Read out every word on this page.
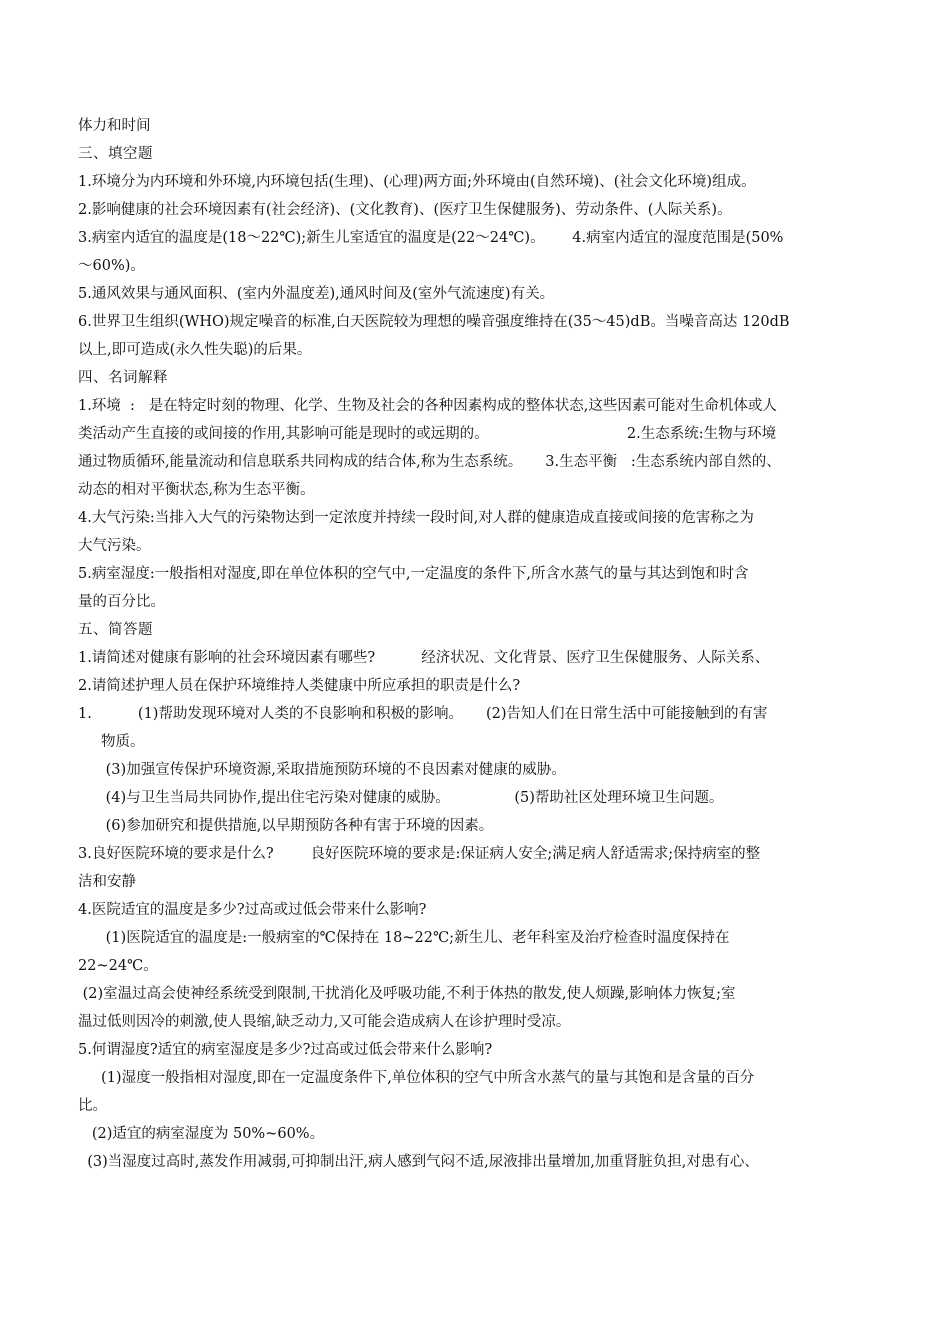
体力和时间
三、填空题
1.环境分为内环境和外环境,内环境包括(生理)、(心理)两方面;外环境由(自然环境)、(社会文化环境)组成。
2.影响健康的社会环境因素有(社会经济)、(文化教育)、(医疗卫生保健服务)、劳动条件、(人际关系)。
3.病室内适宜的温度是(18～22℃);新生儿室适宜的温度是(22～24℃)。      4.病室内适宜的湿度范围是(50%
～60%)。
5.通风效果与通风面积、(室内外温度差),通风时间及(室外气流速度)有关。
6.世界卫生组织(WHO)规定噪音的标准,白天医院较为理想的噪音强度维持在(35～45)dB。当噪音高达 120dB
以上,即可造成(永久性失聪)的后果。
四、名词解释
1.环境  :   是在特定时刻的物理、化学、生物及社会的各种因素构成的整体状态,这些因素可能对生命机体或人
类活动产生直接的或间接的作用,其影响可能是现时的或远期的。                              2.生态系统:生物与环境
通过物质循环,能量流动和信息联系共同构成的结合体,称为生态系统。     3.生态平衡   :生态系统内部自然的、
动态的相对平衡状态,称为生态平衡。
4.大气污染:当排入大气的污染物达到一定浓度并持续一段时间,对人群的健康造成直接或间接的危害称之为
大气污染。
5.病室湿度:一般指相对湿度,即在单位体积的空气中,一定温度的条件下,所含水蒸气的量与其达到饱和时含
量的百分比。
五、简答题
1.请简述对健康有影响的社会环境因素有哪些?          经济状况、文化背景、医疗卫生保健服务、人际关系、
2.请简述护理人员在保护环境维持人类健康中所应承担的职责是什么?
1.          (1)帮助发现环境对人类的不良影响和积极的影响。     (2)告知人们在日常生活中可能接触到的有害
物质。
(3)加强宣传保护环境资源,采取措施预防环境的不良因素对健康的威胁。
(4)与卫生当局共同协作,提出住宅污染对健康的威胁。              (5)帮助社区处理环境卫生问题。
(6)参加研究和提供措施,以早期预防各种有害于环境的因素。
3.良好医院环境的要求是什么?        良好医院环境的要求是:保证病人安全;满足病人舒适需求;保持病室的整
洁和安静
4.医院适宜的温度是多少?过高或过低会带来什么影响?
(1)医院适宜的温度是:一般病室的℃保持在 18~22℃;新生儿、老年科室及治疗检查时温度保持在
22~24℃。
(2)室温过高会使神经系统受到限制,干扰消化及呼吸功能,不利于体热的散发,使人烦躁,影响体力恢复;室
温过低则因冷的刺激,使人畏缩,缺乏动力,又可能会造成病人在诊护理时受凉。
5.何谓湿度?适宜的病室湿度是多少?过高或过低会带来什么影响?
(1)湿度一般指相对湿度,即在一定温度条件下,单位体积的空气中所含水蒸气的量与其饱和是含量的百分
比。
(2)适宜的病室湿度为 50%~60%。
(3)当湿度过高时,蒸发作用减弱,可抑制出汗,病人感到气闷不适,尿液排出量增加,加重肾脏负担,对患有心、
